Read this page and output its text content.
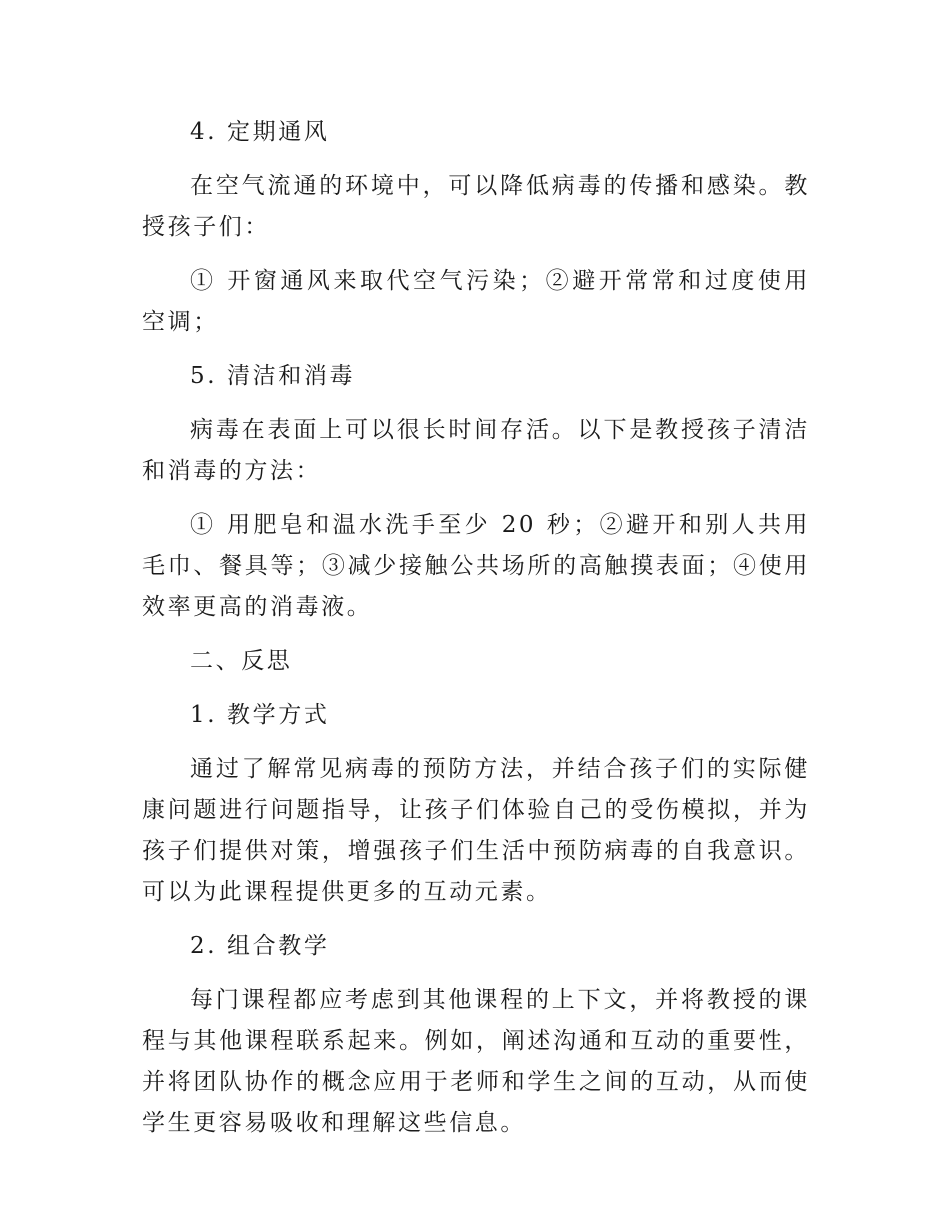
4. 定期通风

在空气流通的环境中，可以降低病毒的传播和感染。教授孩子们：

① 开窗通风来取代空气污染；②避开常常和过度使用空调；

5. 清洁和消毒

病毒在表面上可以很长时间存活。以下是教授孩子清洁和消毒的方法：

① 用肥皂和温水洗手至少 20 秒；②避开和别人共用毛巾、餐具等；③减少接触公共场所的高触摸表面；④使用效率更高的消毒液。

二、反思

1. 教学方式

通过了解常见病毒的预防方法，并结合孩子们的实际健康问题进行问题指导，让孩子们体验自己的受伤模拟，并为孩子们提供对策，增强孩子们生活中预防病毒的自我意识。可以为此课程提供更多的互动元素。

2. 组合教学

每门课程都应考虑到其他课程的上下文，并将教授的课程与其他课程联系起来。例如，阐述沟通和互动的重要性，并将团队协作的概念应用于老师和学生之间的互动，从而使学生更容易吸收和理解这些信息。
